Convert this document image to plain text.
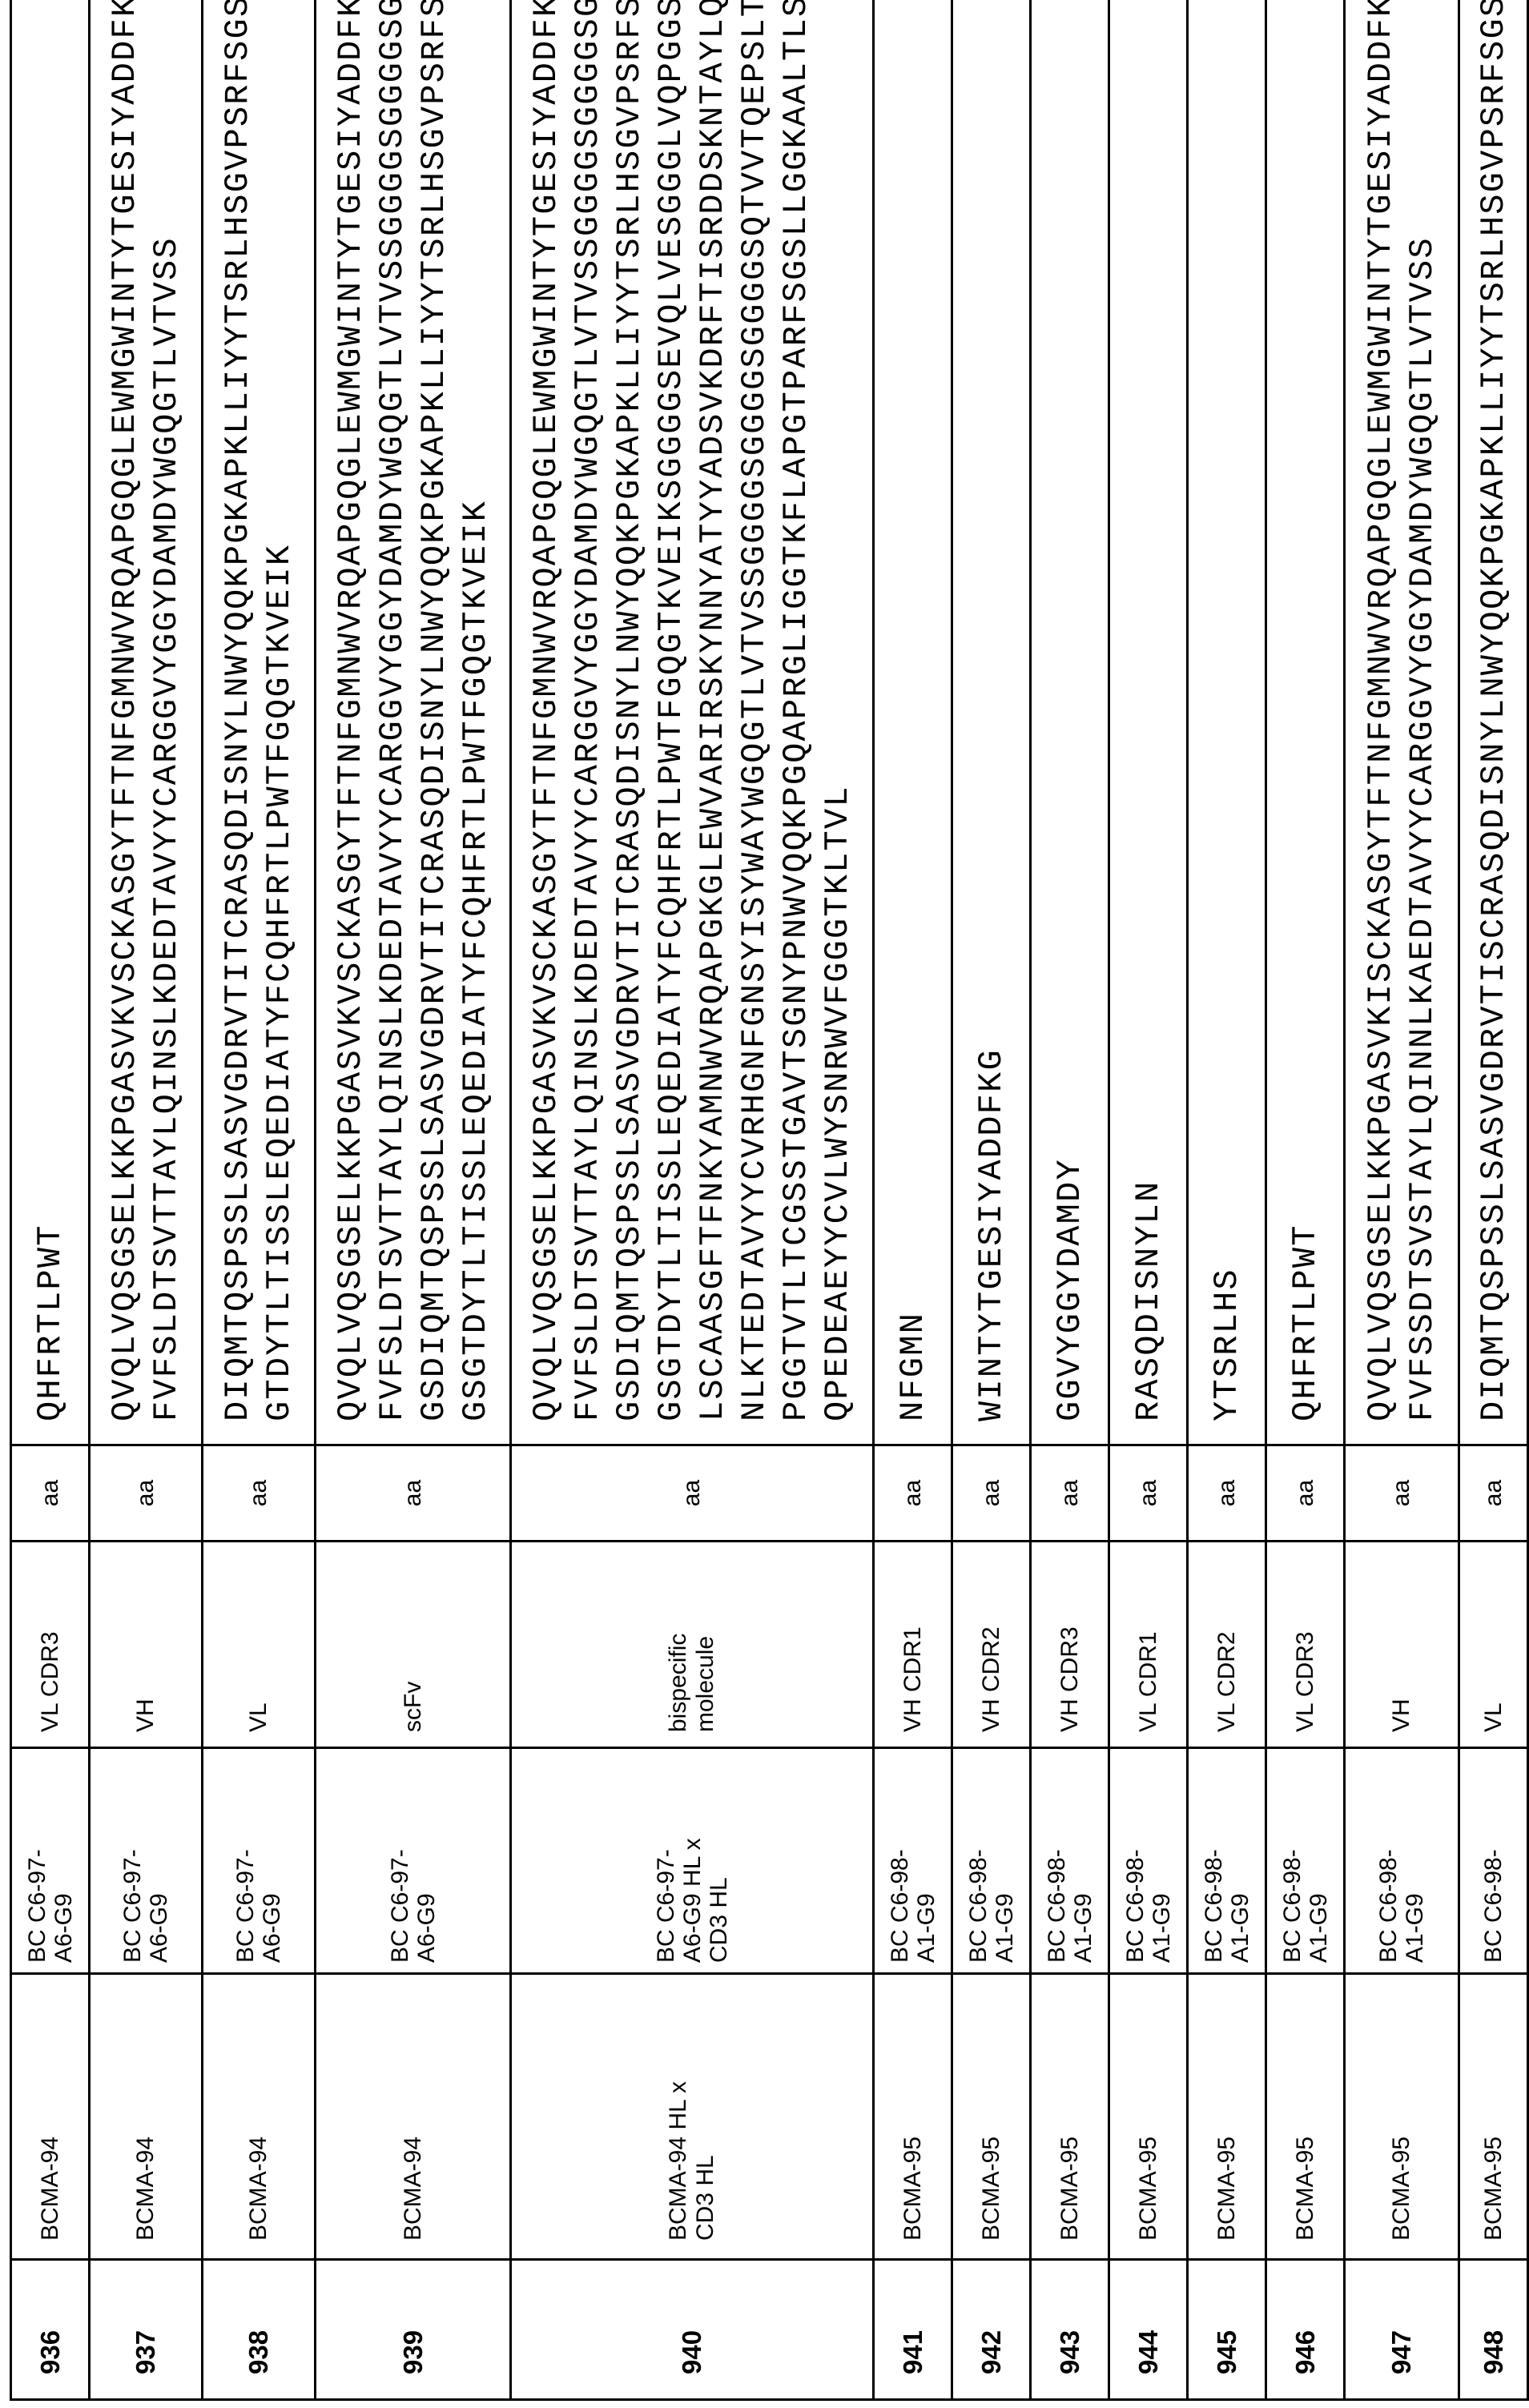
936	
BCMA-94

BC C6-97-A6-G9

VL CDR3
	aa	
QHFRTLPWT

937	
BCMA-94

BC C6-97-A6-G9

VH
	aa	
QVQLVQSGSELKKPGASVKVSCKASGYTFTNFGMNWVRQAPGQGLEWMGWINTYTGESIYADDFKGR FVFSLDTSVTTAYLQINSLKDEDTAVYYCARGGVYGGYDAMDYWGQGTLVTVSS

938	
BCMA-94

BC C6-97-A6-G9

VL
	aa	
DIQMTQSPSSLSASVGDRVTITCRASQDISNYLNWYQQKPGKAPKLLIYYTSRLHSGVPSRFSGSGS GTDYTLTISSLEQEDIATYFCQHFRTLPWTFGQGTKVEIK

939	
BCMA-94

BC C6-97-A6-G9

scFv
	aa	
QVQLVQSGSELKKPGASVKVSCKASGYTFTNFGMNWVRQAPGQGLEWMGWINTYTGESIYADDFKGR FVFSLDTSVTTAYLQINSLKDEDTAVYYCARGGVYGGYDAMDYWGQGTLVTVSSGGGGSGGGGSGGGG GSDIQMTQSPSSLSASVGDRVTITCRASQDISNYLNWYQQKPGKAPKLLIYYTSRLHSGVPSRFSGS GSGTDYTLTISSLEQEDIATYFCQHFRTLPWTFGQGTKVEIK

940	
BCMA-94 HL x CD3 HL

BC C6-97-A6-G9 HL x CD3 HL

bispecific molecule
	aa	
QVQLVQSGSELKKPGASVKVSCKASGYTFTNFGMNWVRQAPGQGLEWMGWINTYTGESIYADDFKGR FVFSLDTSVTTAYLQINSLKDEDTAVYYCARGGVYGGYDAMDYWGQGTLVTVSSGGGGSGGGGSGGGG GSDIQMTQSPSSLSASVGDRVTITCRASQDISNYLNWYQQKPGKAPKLLIYYTSRLHSGVPSRFSGS GSGTDYTLTISSLEQEDIATYFCQHFRTLPWTFGQGTKVEIKSGGGGSEVQLVESGGGLVQPGGSLK LSCAASGFTFNKYAMNWVRQAPGKGLEWVARIRSKYNNYATYYADSVKDRFTISRDDSKNTAYLQMN NLKTEDTAVYYCVRHGNFGNSYISYWAYWGQGTLVTVSSGGGGSGGGGSGGGGSQTVVTQEPSLTVS PGGTVTLTCGSSTGAVTSGNYPNWVQQKPGQAPRGLIGGTKFLAPGTPARFSGSLLGGKAALTLSGV QPEDEAEYYCVLWYSNRWVFGGGTKLTVL

941	
BCMA-95

BC C6-98-A1-G9

VH CDR1
	aa	
NFGMN

942	
BCMA-95

BC C6-98-A1-G9

VH CDR2
	aa	
WINTYTGESIYADDFKG

943	
BCMA-95

BC C6-98-A1-G9

VH CDR3
	aa	
GGVYGGYDAMDY

944	
BCMA-95

BC C6-98-A1-G9

VL CDR1
	aa	
RASQDISNYLN

945	
BCMA-95

BC C6-98-A1-G9

VL CDR2
	aa	
YTSRLHS

946	
BCMA-95

BC C6-98-A1-G9

VL CDR3
	aa	
QHFRTLPWT

947	
BCMA-95

BC C6-98-A1-G9

VH
	aa	
QVQLVQSGSELKKPGASVKISCKASGYTFTNFGMNWVRQAPGQGLEWMGWINTYTGESIYADDFKGR FVFSSDTSVSTAYLQINNLKAEDTAVYYCARGGVYGGYDAMDYWGQGTLVTVSS

948	
BCMA-95

BC C6-98-

VL
	aa	
DIQMTQSPSSLSASVGDRVTISCRASQDISNYLNWYQQKPGKAPKLLIYYTSRLHSGVPSRFSGSGS
